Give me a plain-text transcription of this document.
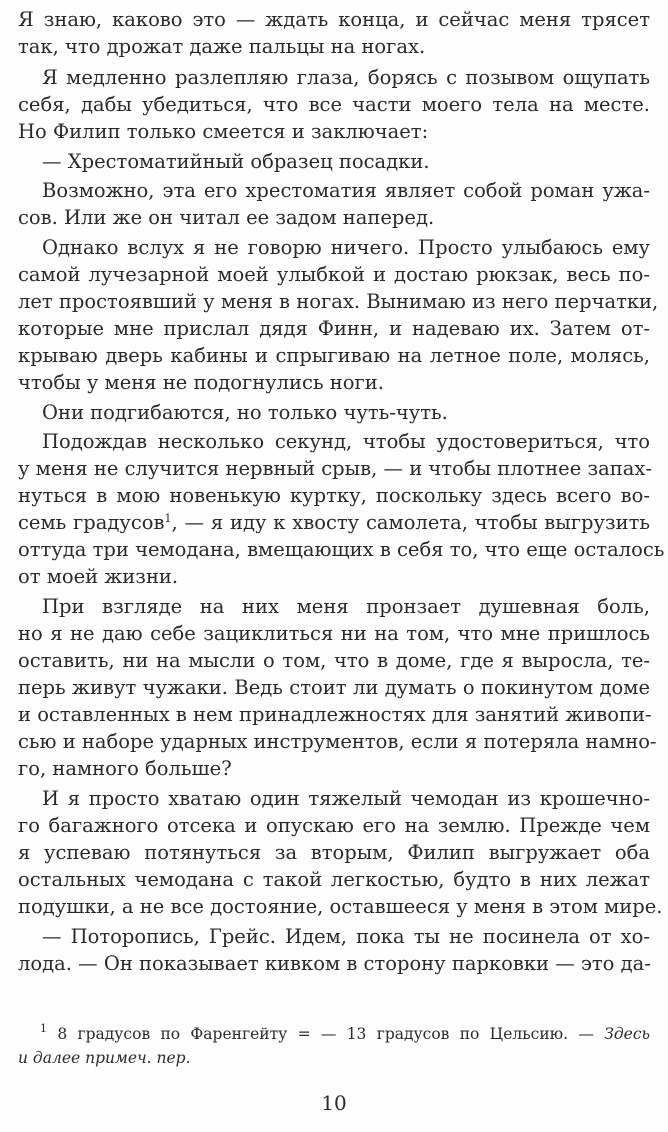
Я знаю, каково это — ждать конца, и сейчас меня трясет
так, что дрожат даже пальцы на ногах.
Я медленно разлепляю глаза, борясь с позывом ощупать
себя, дабы убедиться, что все части моего тела на месте.
Но Филип только смеется и заключает:
— Хрестоматийный образец посадки.
Возможно, эта его хрестоматия являет собой роман ужа-
сов. Или же он читал ее задом наперед.
Однако вслух я не говорю ничего. Просто улыбаюсь ему
самой лучезарной моей улыбкой и достаю рюкзак, весь по-
лет простоявший у меня в ногах. Вынимаю из него перчатки,
которые мне прислал дядя Финн, и надеваю их. Затем от-
крываю дверь кабины и спрыгиваю на летное поле, молясь,
чтобы у меня не подогнулись ноги.
Они подгибаются, но только чуть-чуть.
Подождав несколько секунд, чтобы удостовериться, что
у меня не случится нервный срыв, — и чтобы плотнее запах-
нуться в мою новенькую куртку, поскольку здесь всего во-
семь градусов$^1$, — я иду к хвосту самолета, чтобы выгрузить
оттуда три чемодана, вмещающих в себя то, что еще осталось
от моей жизни.
При взгляде на них меня пронзает душевная боль,
но я не даю себе зациклиться ни на том, что мне пришлось
оставить, ни на мысли о том, что в доме, где я выросла, те-
перь живут чужаки. Ведь стоит ли думать о покинутом доме
и оставленных в нем принадлежностях для занятий живопи-
сью и наборе ударных инструментов, если я потеряла намно-
го, намного больше?
И я просто хватаю один тяжелый чемодан из крошечно-
го багажного отсека и опускаю его на землю. Прежде чем
я успеваю потянуться за вторым, Филип выгружает оба
остальных чемодана с такой легкостью, будто в них лежат
подушки, а не все достояние, оставшееся у меня в этом мире.
— Поторопись, Грейс. Идем, пока ты не посинела от хо-
лода. — Он показывает кивком в сторону парковки — это да-
$^1$ 8 градусов по Фаренгейту = — 13 градусов по Цельсию. — Здесь
и далее примеч. пер.
10
